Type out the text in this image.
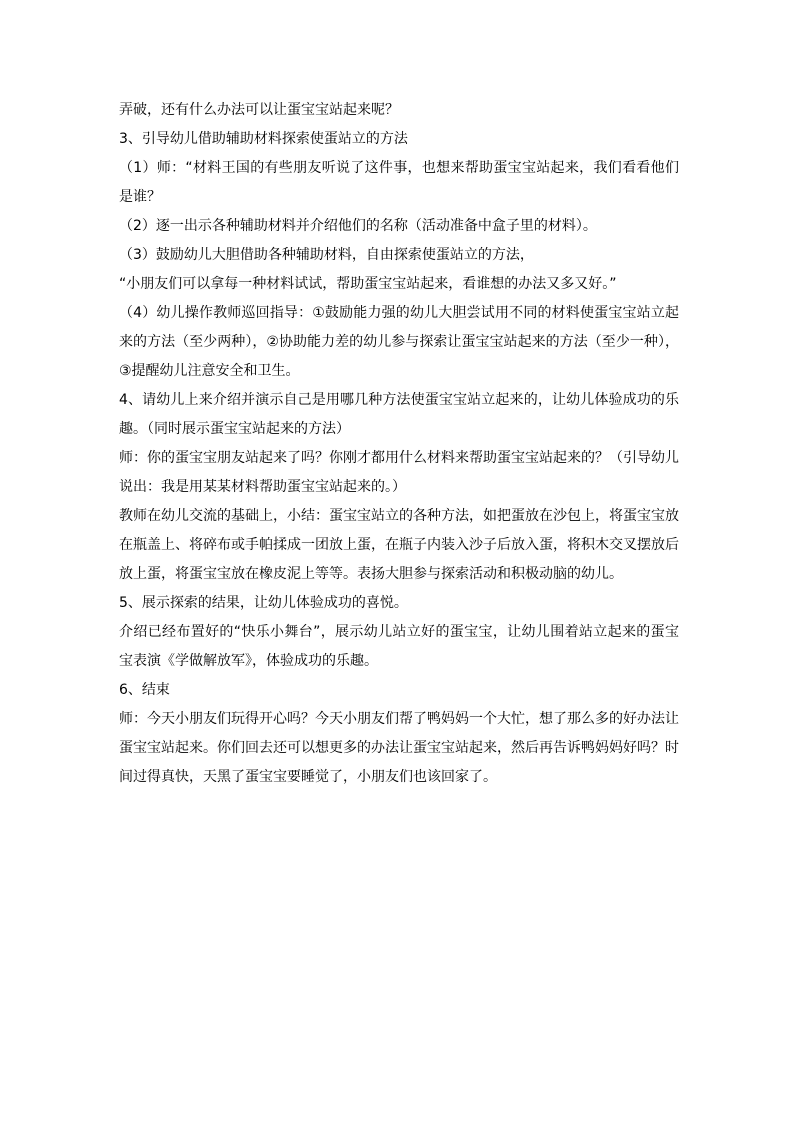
弄破，还有什么办法可以让蛋宝宝站起来呢？

3、引导幼儿借助辅助材料探索使蛋站立的方法

（1）师：“材料王国的有些朋友听说了这件事，也想来帮助蛋宝宝站起来，我们看看他们是谁？

（2）逐一出示各种辅助材料并介绍他们的名称（活动准备中盒子里的材料）。

（3）鼓励幼儿大胆借助各种辅助材料，自由探索使蛋站立的方法，

“小朋友们可以拿每一种材料试试，帮助蛋宝宝站起来，看谁想的办法又多又好。”

（4）幼儿操作教师巡回指导：①鼓励能力强的幼儿大胆尝试用不同的材料使蛋宝宝站立起来的方法（至少两种），②协助能力差的幼儿参与探索让蛋宝宝站起来的方法（至少一种），③提醒幼儿注意安全和卫生。

4、请幼儿上来介绍并演示自己是用哪几种方法使蛋宝宝站立起来的，让幼儿体验成功的乐趣。（同时展示蛋宝宝站起来的方法）

师：你的蛋宝宝朋友站起来了吗？你刚才都用什么材料来帮助蛋宝宝站起来的？（引导幼儿说出：我是用某某材料帮助蛋宝宝站起来的。）

教师在幼儿交流的基础上，小结：蛋宝宝站立的各种方法，如把蛋放在沙包上，将蛋宝宝放在瓶盖上、将碎布或手帕揉成一团放上蛋，在瓶子内装入沙子后放入蛋，将积木交叉摆放后放上蛋，将蛋宝宝放在橡皮泥上等等。表扬大胆参与探索活动和积极动脑的幼儿。

5、展示探索的结果，让幼儿体验成功的喜悦。

介绍已经布置好的“快乐小舞台”，展示幼儿站立好的蛋宝宝，让幼儿围着站立起来的蛋宝宝表演《学做解放军》，体验成功的乐趣。

6、结束

师：今天小朋友们玩得开心吗？今天小朋友们帮了鸭妈妈一个大忙，想了那么多的好办法让蛋宝宝站起来。你们回去还可以想更多的办法让蛋宝宝站起来，然后再告诉鸭妈妈好吗？时间过得真快，天黑了蛋宝宝要睡觉了，小朋友们也该回家了。
